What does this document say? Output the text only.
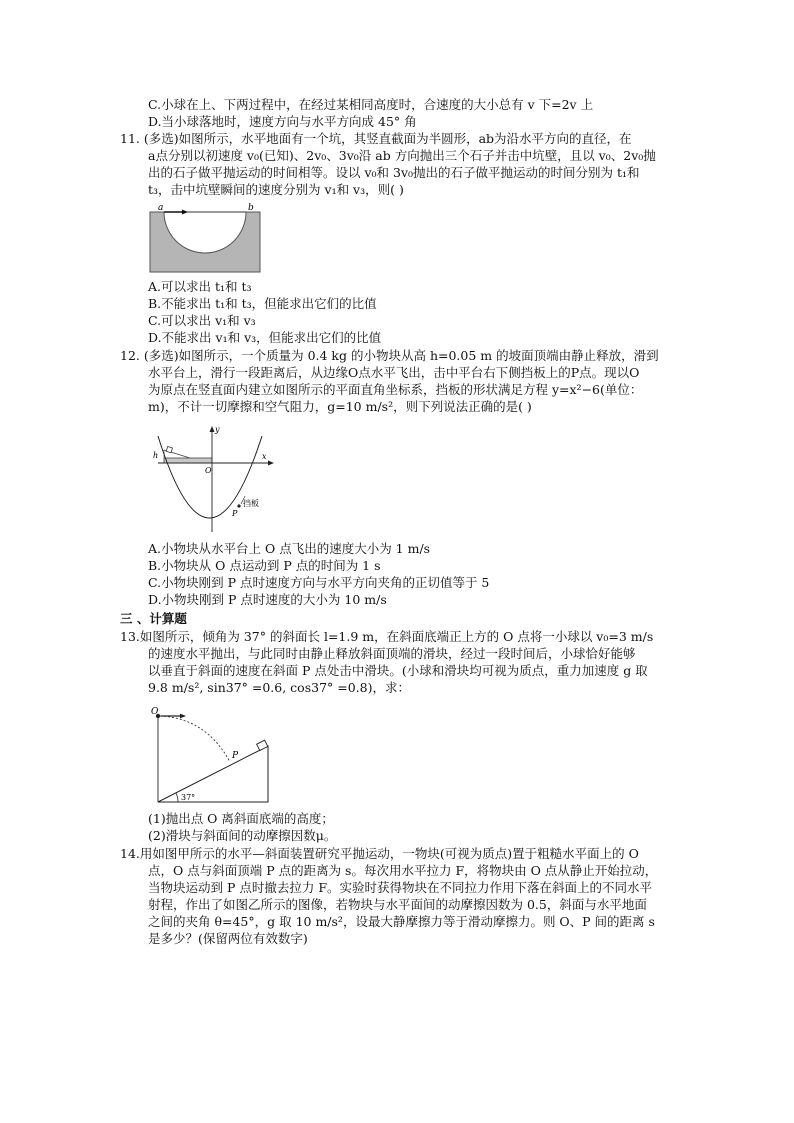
C.小球在上、下两过程中，在经过某相同高度时，合速度的大小总有 v 下=2v 上
D.当小球落地时，速度方向与水平方向成 45° 角
11. (多选)如图所示，水平地面有一个坑，其竖直截面为半圆形，ab为沿水平方向的直径，在
a点分别以初速度 v₀(已知)、2v₀、3v₀沿 ab 方向抛出三个石子并击中坑壁，且以 v₀、2v₀抛
出的石子做平抛运动的时间相等。设以 v₀和 3v₀抛出的石子做平抛运动的时间分别为 t₁和
t₃，击中坑壁瞬间的速度分别为 v₁和 v₃，则( )
a	b
A.可以求出 t₁和 t₃
B.不能求出 t₁和 t₃，但能求出它们的比值
C.可以求出 v₁和 v₃
D.不能求出 v₁和 v₃，但能求出它们的比值
12. (多选)如图所示，一个质量为 0.4 kg 的小物块从高 h=0.05 m 的坡面顶端由静止释放，滑到
水平台上，滑行一段距离后，从边缘O点水平飞出，击中平台右下侧挡板上的P点。现以O
为原点在竖直面内建立如图所示的平面直角坐标系，挡板的形状满足方程 y=x²−6(单位：
m)，不计一切摩擦和空气阻力，g=10 m/s²，则下列说法正确的是( )
y
x
O
h
P
挡板
A.小物块从水平台上 O 点飞出的速度大小为 1 m/s
B.小物块从 O 点运动到 P 点的时间为 1 s
C.小物块刚到 P 点时速度方向与水平方向夹角的正切值等于 5
D.小物块刚到 P 点时速度的大小为 10 m/s
三 、计算题
13.如图所示，倾角为 37° 的斜面长 l=1.9 m，在斜面底端正上方的 O 点将一小球以 v₀=3 m/s
的速度水平抛出，与此同时由静止释放斜面顶端的滑块，经过一段时间后，小球恰好能够
以垂直于斜面的速度在斜面 P 点处击中滑块。(小球和滑块均可视为质点，重力加速度 g 取
9.8 m/s², sin37° =0.6, cos37° =0.8)，求：
O
P
37°
(1)抛出点 O 离斜面底端的高度；
(2)滑块与斜面间的动摩擦因数μ。
14.用如图甲所示的水平—斜面装置研究平抛运动，一物块(可视为质点)置于粗糙水平面上的 O
点，O 点与斜面顶端 P 点的距离为 s。每次用水平拉力 F，将物块由 O 点从静止开始拉动，
当物块运动到 P 点时撤去拉力 F。实验时获得物块在不同拉力作用下落在斜面上的不同水平
射程，作出了如图乙所示的图像，若物块与水平面间的动摩擦因数为 0.5，斜面与水平地面
之间的夹角 θ=45°，g 取 10 m/s²，设最大静摩擦力等于滑动摩擦力。则 O、P 间的距离 s
是多少？(保留两位有效数字)
